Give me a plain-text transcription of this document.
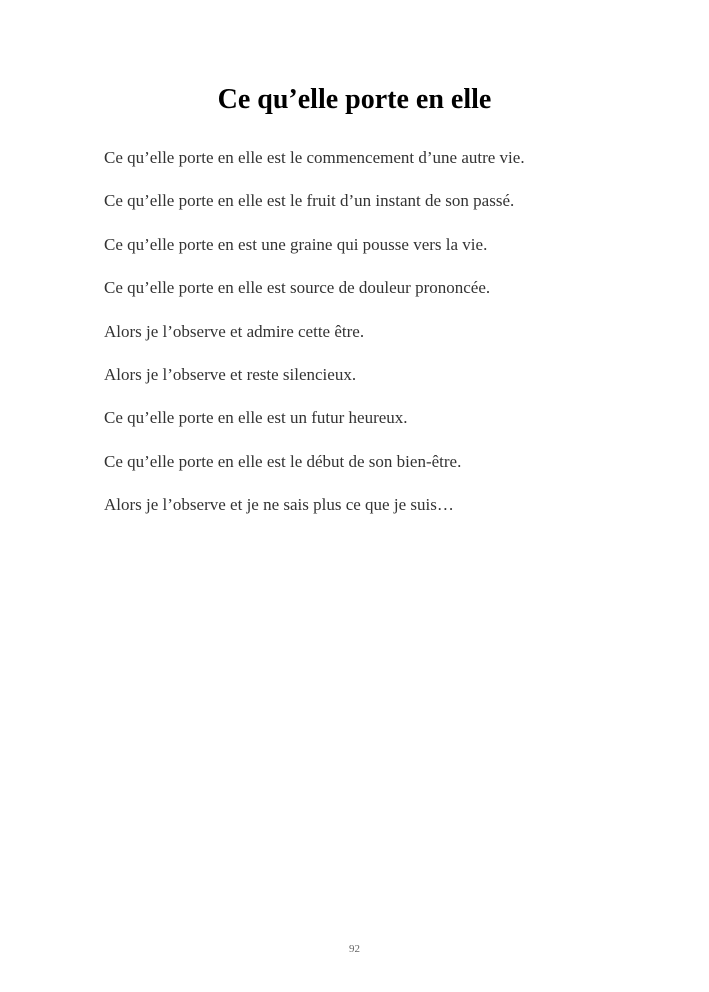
Ce qu’elle porte en elle
Ce qu’elle porte en elle est le commencement d’une autre vie.
Ce qu’elle porte en elle est le fruit d’un instant de son passé.
Ce qu’elle porte en est une graine qui pousse vers la vie.
Ce qu’elle porte en elle est source de douleur prononcée.
Alors je l’observe et admire cette être.
Alors je l’observe et reste silencieux.
Ce qu’elle porte en elle est un futur heureux.
Ce qu’elle porte en elle est le début de son bien-être.
Alors je l’observe et je ne sais plus ce que je suis…
92
